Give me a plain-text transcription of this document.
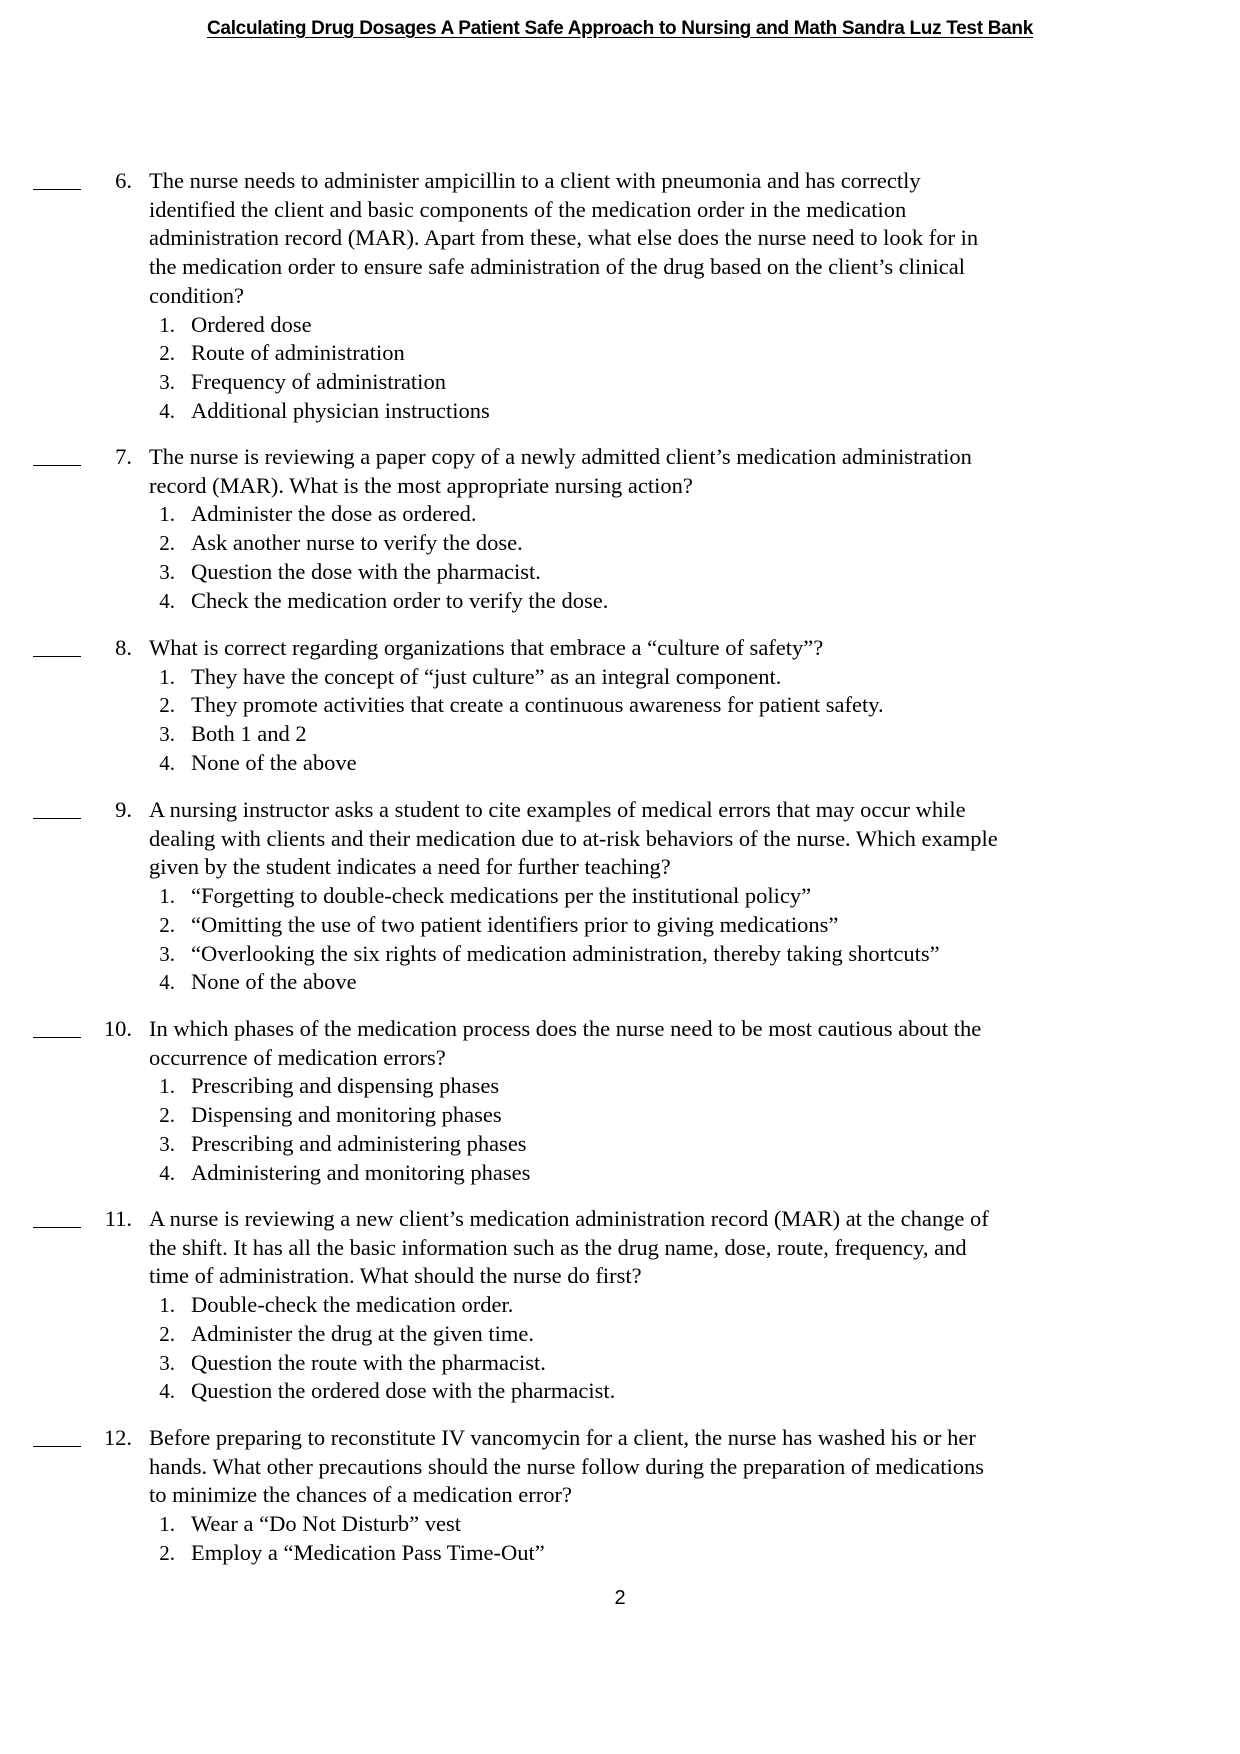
Calculating Drug Dosages A Patient Safe Approach to Nursing and Math Sandra Luz Test Bank
6. The nurse needs to administer ampicillin to a client with pneumonia and has correctly
identified the client and basic components of the medication order in the medication
administration record (MAR). Apart from these, what else does the nurse need to look for in
the medication order to ensure safe administration of the drug based on the client’s clinical
condition?
1. Ordered dose
2. Route of administration
3. Frequency of administration
4. Additional physician instructions
7. The nurse is reviewing a paper copy of a newly admitted client’s medication administration
record (MAR). What is the most appropriate nursing action?
1. Administer the dose as ordered.
2. Ask another nurse to verify the dose.
3. Question the dose with the pharmacist.
4. Check the medication order to verify the dose.
8. What is correct regarding organizations that embrace a “culture of safety”?
1. They have the concept of “just culture” as an integral component.
2. They promote activities that create a continuous awareness for patient safety.
3. Both 1 and 2
4. None of the above
9. A nursing instructor asks a student to cite examples of medical errors that may occur while
dealing with clients and their medication due to at-risk behaviors of the nurse. Which example
given by the student indicates a need for further teaching?
1. “Forgetting to double-check medications per the institutional policy”
2. “Omitting the use of two patient identifiers prior to giving medications”
3. “Overlooking the six rights of medication administration, thereby taking shortcuts”
4. None of the above
10. In which phases of the medication process does the nurse need to be most cautious about the
occurrence of medication errors?
1. Prescribing and dispensing phases
2. Dispensing and monitoring phases
3. Prescribing and administering phases
4. Administering and monitoring phases
11. A nurse is reviewing a new client’s medication administration record (MAR) at the change of
the shift. It has all the basic information such as the drug name, dose, route, frequency, and
time of administration. What should the nurse do first?
1. Double-check the medication order.
2. Administer the drug at the given time.
3. Question the route with the pharmacist.
4. Question the ordered dose with the pharmacist.
12. Before preparing to reconstitute IV vancomycin for a client, the nurse has washed his or her
hands. What other precautions should the nurse follow during the preparation of medications
to minimize the chances of a medication error?
1. Wear a “Do Not Disturb” vest
2. Employ a “Medication Pass Time-Out”
2
